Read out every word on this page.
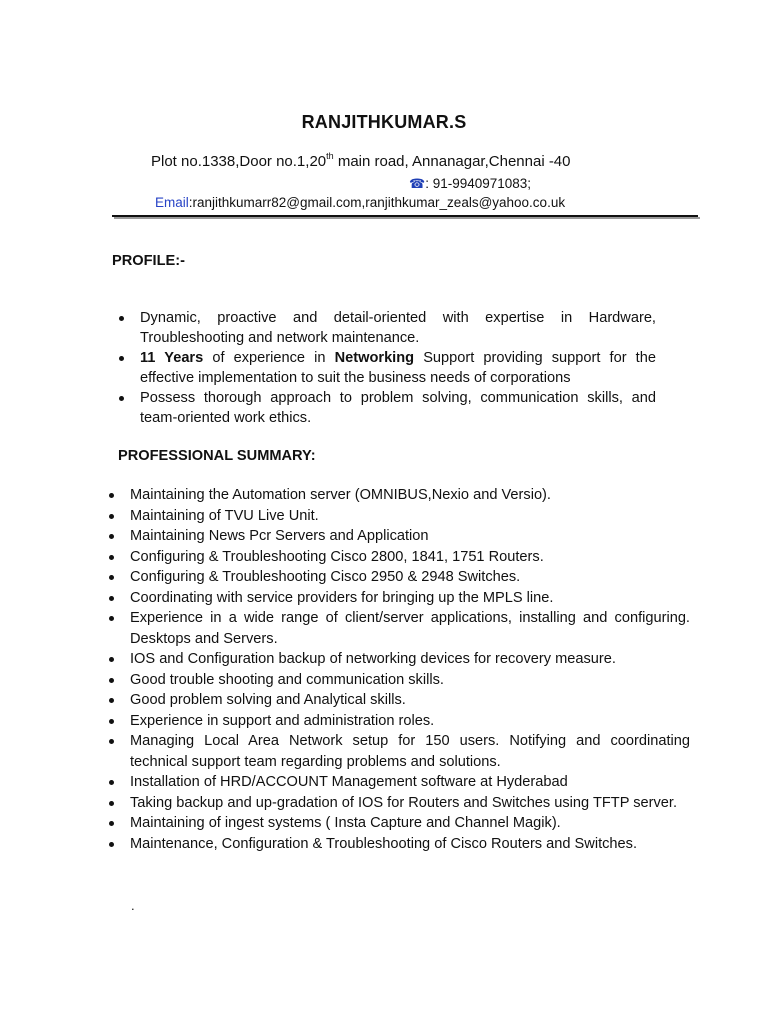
RANJITHKUMAR.S
Plot no.1338,Door no.1,20th main road, Annanagar,Chennai -40
☎: 91-9940971083;
Email:ranjithkumarr82@gmail.com,ranjithkumar_zeals@yahoo.co.uk
PROFILE:-
Dynamic, proactive and detail-oriented with expertise in Hardware, Troubleshooting and network maintenance.
11 Years of experience in Networking Support providing support for the effective implementation to suit the business needs of corporations
Possess thorough approach to problem solving, communication skills, and team-oriented work ethics.
PROFESSIONAL SUMMARY:
Maintaining the Automation server (OMNIBUS,Nexio and Versio).
Maintaining of TVU Live Unit.
Maintaining News Pcr Servers and Application
Configuring & Troubleshooting Cisco 2800, 1841, 1751 Routers.
Configuring & Troubleshooting Cisco 2950 & 2948 Switches.
Coordinating with service providers for bringing up the MPLS line.
Experience in a wide range of client/server applications, installing and configuring. Desktops and Servers.
IOS and Configuration backup of networking devices for recovery measure.
Good trouble shooting and communication skills.
Good problem solving and Analytical skills.
Experience in support and administration roles.
Managing Local Area Network setup for 150 users. Notifying and coordinating technical support team regarding problems and solutions.
Installation of HRD/ACCOUNT Management software at Hyderabad
Taking backup and up-gradation of IOS for Routers and Switches using TFTP server.
Maintaining of ingest systems ( Insta Capture and Channel Magik).
Maintenance, Configuration & Troubleshooting of Cisco Routers and Switches.
.
